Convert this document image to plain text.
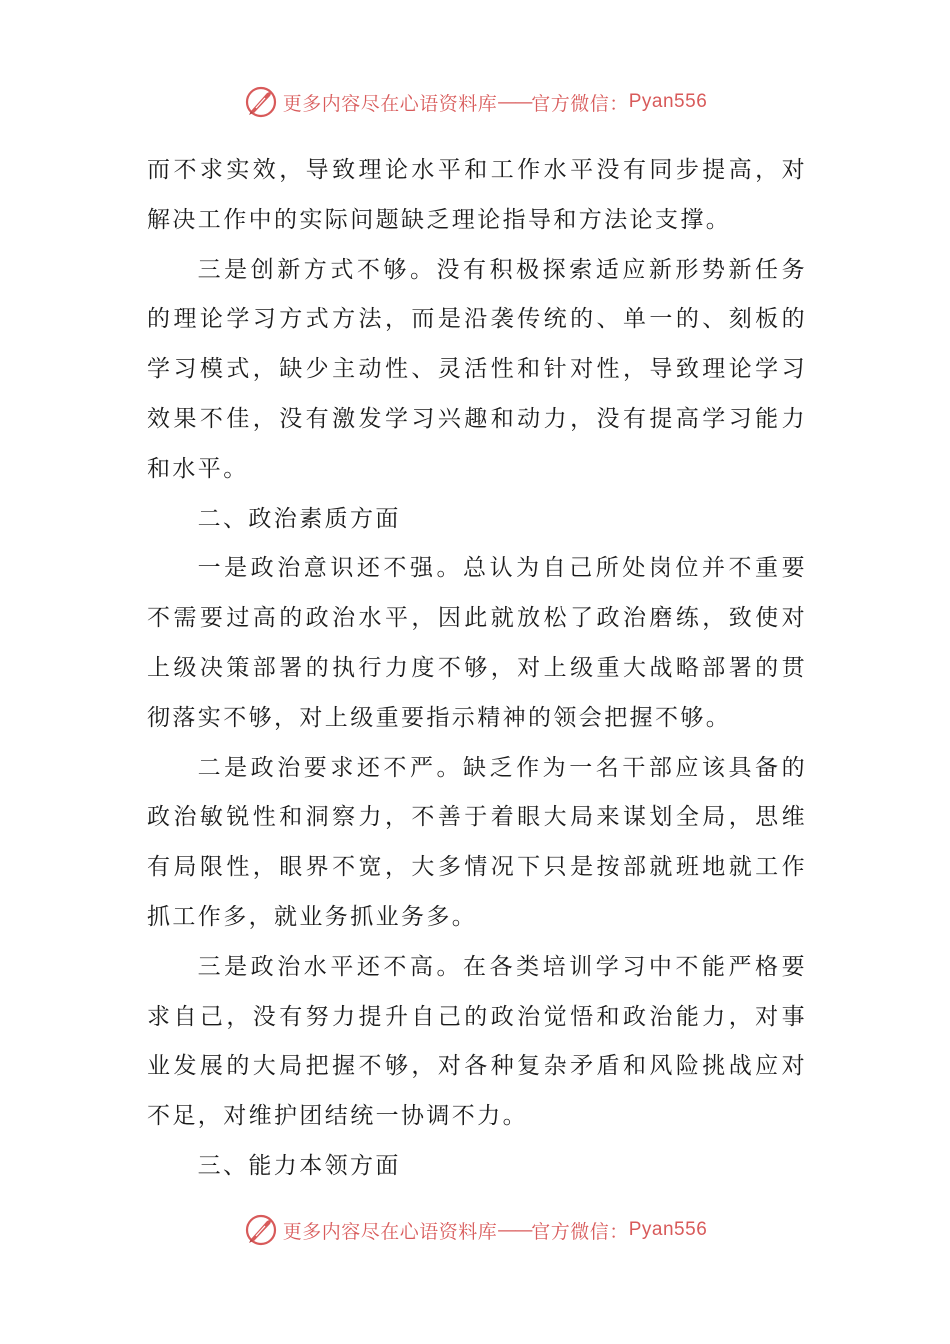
更多内容尽在心语资料库 —— 官方微信： Pyan556

而不求实效，导致理论水平和工作水平没有同步提高，对解决工作中的实际问题缺乏理论指导和方法论支撑。

三是创新方式不够。没有积极探索适应新形势新任务的理论学习方式方法，而是沿袭传统的、单一的、刻板的学习模式，缺少主动性、灵活性和针对性，导致理论学习效果不佳，没有激发学习兴趣和动力，没有提高学习能力和水平。

二、政治素质方面

一是政治意识还不强。总认为自己所处岗位并不重要不需要过高的政治水平，因此就放松了政治磨练，致使对上级决策部署的执行力度不够，对上级重大战略部署的贯彻落实不够，对上级重要指示精神的领会把握不够。

二是政治要求还不严。缺乏作为一名干部应该具备的政治敏锐性和洞察力，不善于着眼大局来谋划全局，思维有局限性，眼界不宽，大多情况下只是按部就班地就工作抓工作多，就业务抓业务多。

三是政治水平还不高。在各类培训学习中不能严格要求自己，没有努力提升自己的政治觉悟和政治能力，对事业发展的大局把握不够，对各种复杂矛盾和风险挑战应对不足，对维护团结统一协调不力。

三、能力本领方面

更多内容尽在心语资料库 —— 官方微信： Pyan556
